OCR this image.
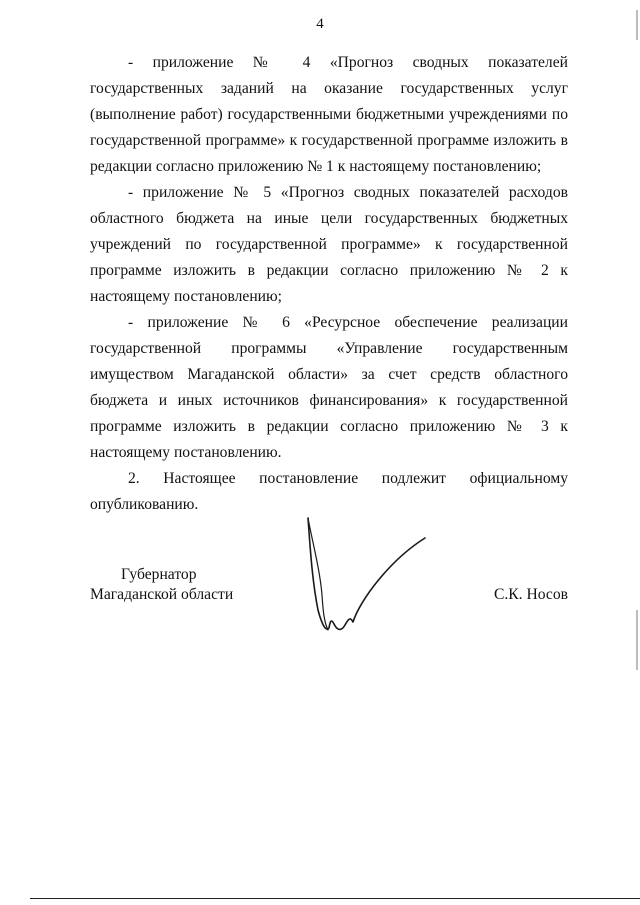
4

- приложение № 4 «Прогноз сводных показателей государственных заданий на оказание государственных услуг (выполнение работ) государственными бюджетными учреждениями по государственной программе» к государственной программе изложить в редакции согласно приложению № 1 к настоящему постановлению;

- приложение № 5 «Прогноз сводных показателей расходов областного бюджета на иные цели государственных бюджетных учреждений по государственной программе» к государственной программе изложить в редакции согласно приложению № 2 к настоящему постановлению;

- приложение № 6 «Ресурсное обеспечение реализации государственной программы «Управление государственным имуществом Магаданской области» за счет средств областного бюджета и иных источников финансирования» к государственной программе изложить в редакции согласно приложению № 3 к настоящему постановлению.

2. Настоящее постановление подлежит официальному опубликованию.

Губернатор
Магаданской области	С.К. Носов
